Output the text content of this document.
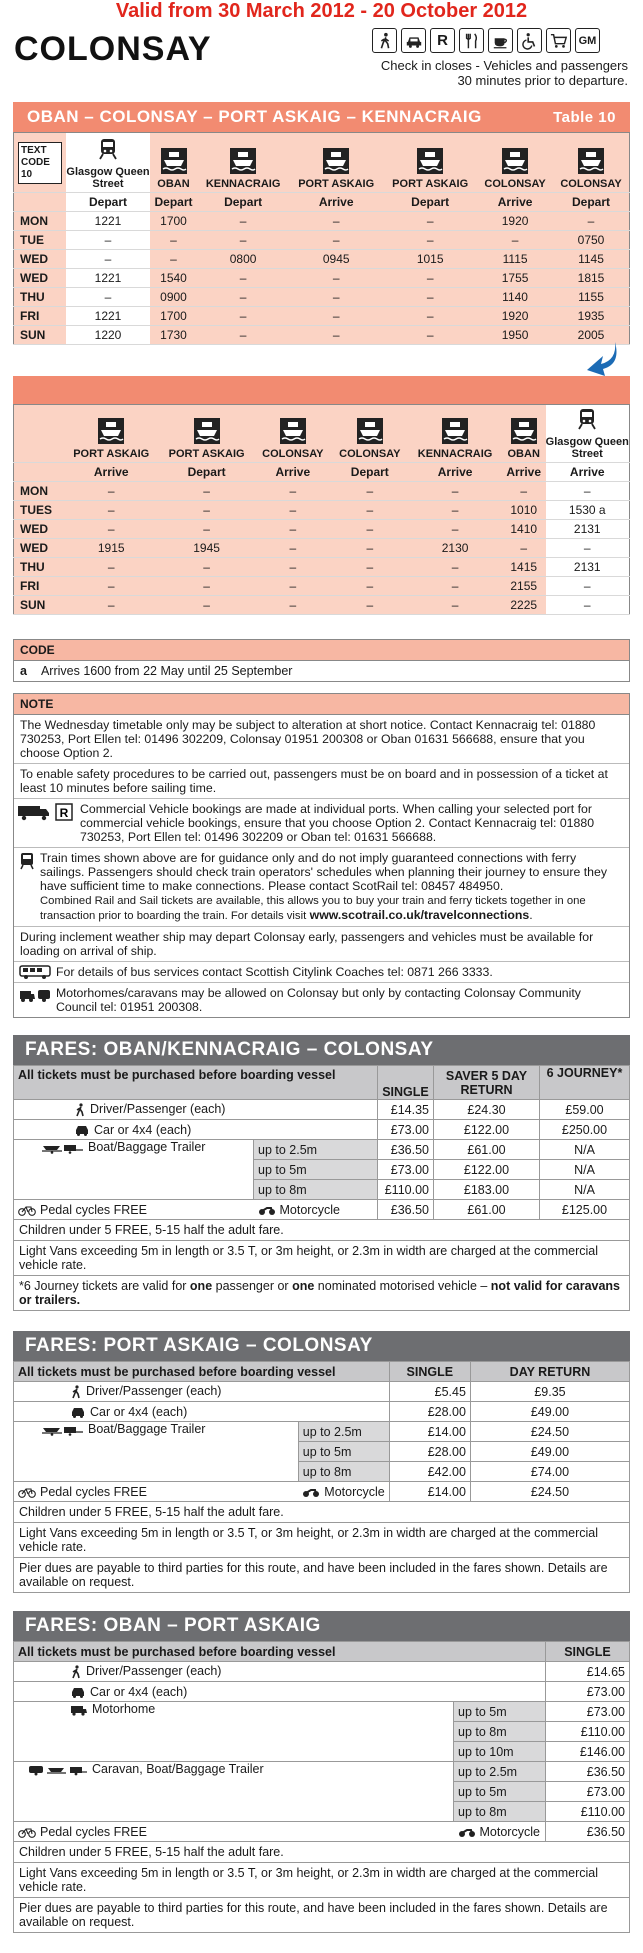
Valid from 30 March 2012 - 20 October 2012
COLONSAY	R	GM
Check in closes - Vehicles and passengers
30 minutes prior to departure.
OBAN – COLONSAY – PORT ASKAIG – KENNACRAIG	Table 10
TEXT CODE 10	Glasgow Queen Street	OBAN	KENNACRAIG	PORT ASKAIG	PORT ASKAIG	COLONSAY	COLONSAY
	Depart	Depart	Depart	Arrive	Depart	Arrive	Depart
MON	1221	1700	–	–	–	1920	–
TUE	–	–	–	–	–	–	0750
WED	–	–	0800	0945	1015	1115	1145
WED	1221	1540	–	–	–	1755	1815
THU	–	0900	–	–	–	1140	1155
FRI	1221	1700	–	–	–	1920	1935
SUN	1220	1730	–	–	–	1950	2005

PORT ASKAIG	PORT ASKAIG	COLONSAY	COLONSAY	KENNACRAIG	OBAN	Glasgow Queen Street
	Arrive	Depart	Arrive	Depart	Arrive	Arrive	Arrive
MON	–	–	–	–	–	–	–
TUES	–	–	–	–	–	1010	1530 a
WED	–	–	–	–	–	1410	2131
WED	1915	1945	–	–	2130	–	–
THU	–	–	–	–	–	1415	2131
FRI	–	–	–	–	–	2155	–
SUN	–	–	–	–	–	2225	–
CODE
a Arrives 1600 from 22 May until 25 September
NOTE

The Wednesday timetable only may be subject to alteration at short notice. Contact Kennacraig tel: 01880 730253, Port Ellen tel: 01496 302209, Colonsay 01951 200308 or Oban 01631 566688, ensure that you choose Option 2.

To enable safety procedures to be carried out, passengers must be on board and in possession of a ticket at least 10 minutes before sailing time.

R Commercial Vehicle bookings are made at individual ports. When calling your selected port for commercial vehicle bookings, ensure that you choose Option 2. Contact Kennacraig tel: 01880 730253, Port Ellen tel: 01496 302209 or Oban tel: 01631 566688.

Train times shown above are for guidance only and do not imply guaranteed connections with ferry sailings. Passengers should check train operators' schedules when planning their journey to ensure they have sufficient time to make connections. Please contact ScotRail tel: 08457 484950.
Combined Rail and Sail tickets are available, this allows you to buy your train and ferry tickets together in one transaction prior to boarding the train. For details visit www.scotrail.co.uk/travelconnections.

During inclement weather ship may depart Colonsay early, passengers and vehicles must be available for loading on arrival of ship.

For details of bus services contact Scottish Citylink Coaches tel: 0871 266 3333.

Motorhomes/caravans may be allowed on Colonsay but only by contacting Colonsay Community Council tel: 01951 200308.

FARES: OBAN/KENNACRAIG – COLONSAY
All tickets must be purchased before boarding vessel		SINGLE	SAVER 5 DAY RETURN	6 JOURNEY*
Driver/Passenger (each)		£14.35	£24.30	£59.00
Car or 4x4 (each)		£73.00	£122.00	£250.00
Boat/Baggage Trailer	up to 2.5m	£36.50	£61.00	N/A
	up to 5m	£73.00	£122.00	N/A
	up to 8m	£110.00	£183.00	N/A
Pedal cycles FREE	Motorcycle	£36.50	£61.00	£125.00
Children under 5 FREE, 5-15 half the adult fare.
Light Vans exceeding 5m in length or 3.5 T, or 3m height, or 2.3m in width are charged at the commercial vehicle rate.
*6 Journey tickets are valid for one passenger or one nominated motorised vehicle – not valid for caravans or trailers.
FARES: PORT ASKAIG – COLONSAY
All tickets must be purchased before boarding vessel		SINGLE	DAY RETURN
Driver/Passenger (each)		£5.45	£9.35
Car or 4x4 (each)		£28.00	£49.00
Boat/Baggage Trailer	up to 2.5m	£14.00	£24.50
	up to 5m	£28.00	£49.00
	up to 8m	£42.00	£74.00
Pedal cycles FREE	Motorcycle	£14.00	£24.50
Children under 5 FREE, 5-15 half the adult fare.
Light Vans exceeding 5m in length or 3.5 T, or 3m height, or 2.3m in width are charged at the commercial vehicle rate.
Pier dues are payable to third parties for this route, and have been included in the fares shown. Details are available on request.
FARES: OBAN – PORT ASKAIG
All tickets must be purchased before boarding vessel		SINGLE
Driver/Passenger (each)		£14.65
Car or 4x4 (each)		£73.00
Motorhome	up to 5m	£73.00
	up to 8m	£110.00
	up to 10m	£146.00
Caravan, Boat/Baggage Trailer	up to 2.5m	£36.50
	up to 5m	£73.00
	up to 8m	£110.00
Pedal cycles FREE	Motorcycle	£36.50
Children under 5 FREE, 5-15 half the adult fare.
Light Vans exceeding 5m in length or 3.5 T, or 3m height, or 2.3m in width are charged at the commercial vehicle rate.
Pier dues are payable to third parties for this route, and have been included in the fares shown. Details are available on request.
